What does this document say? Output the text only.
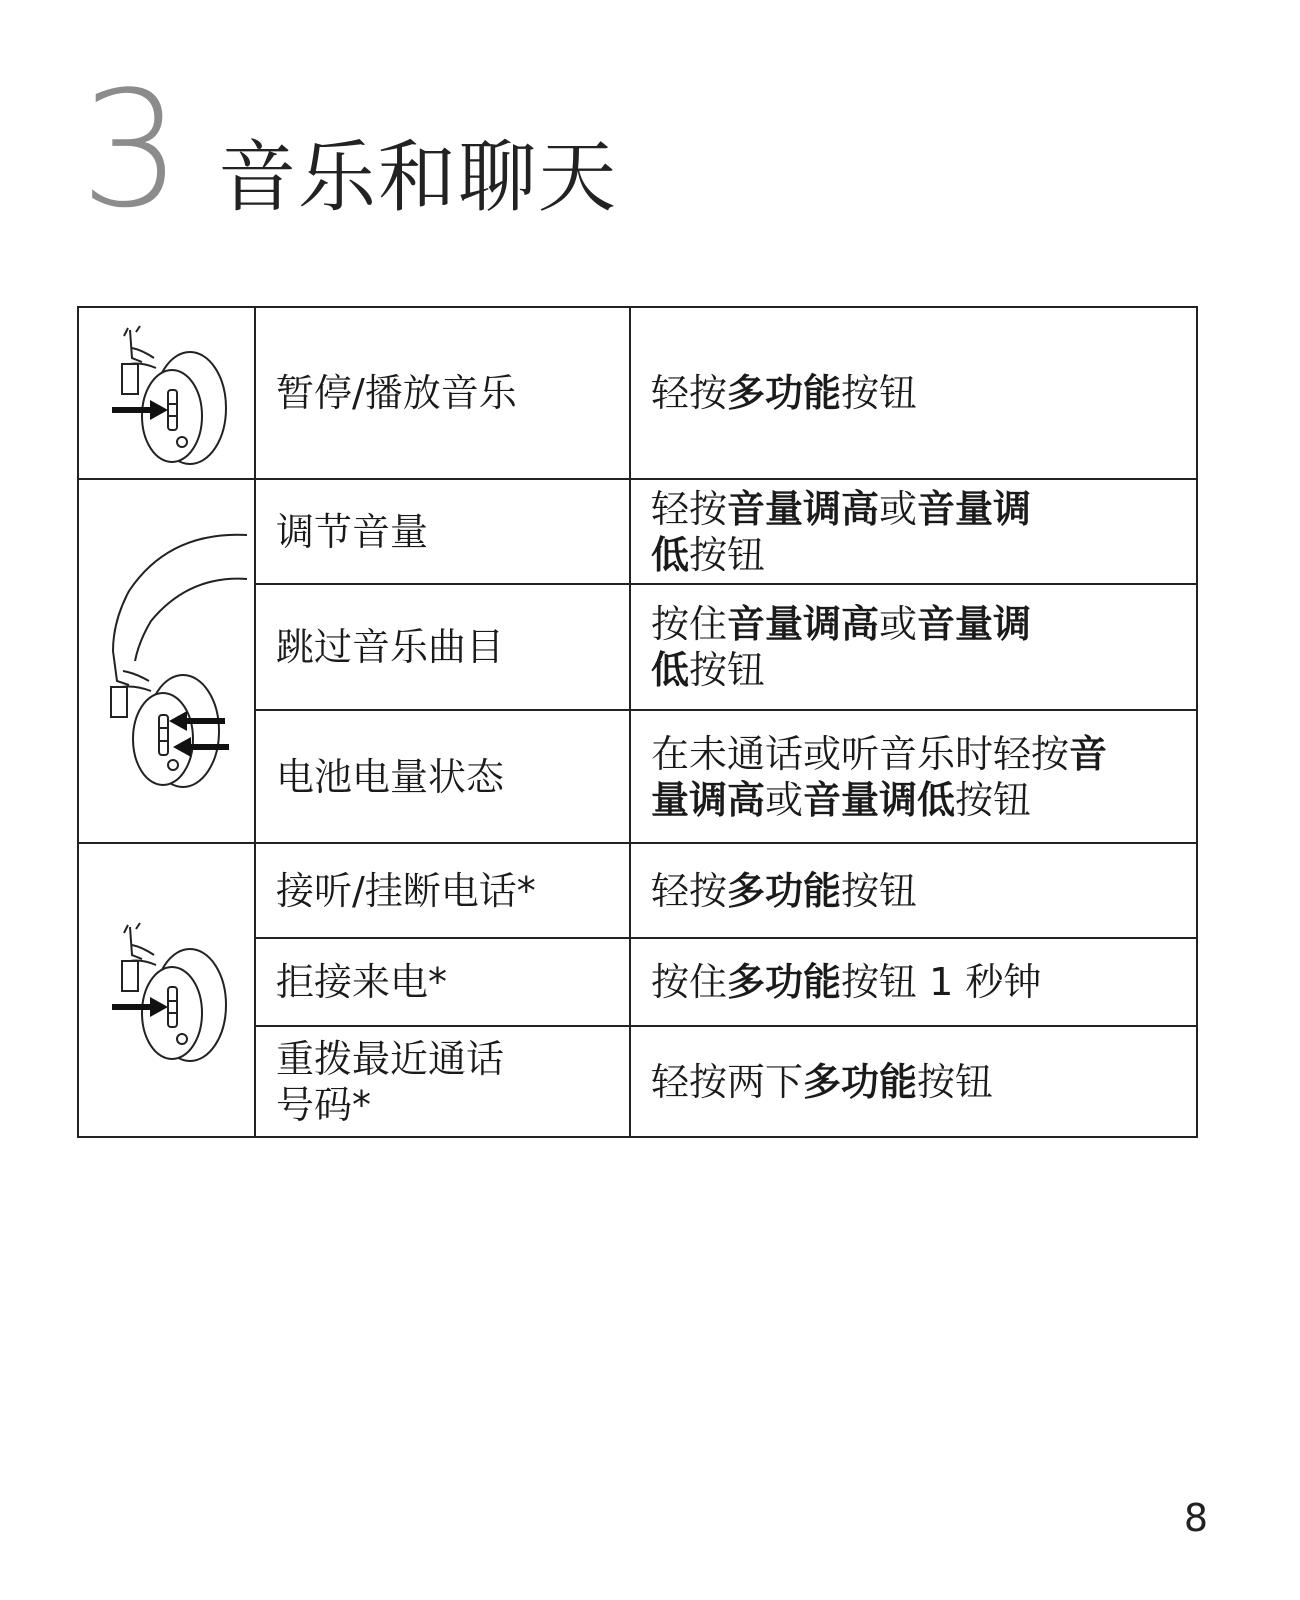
3 音乐和聊天
	暂停/播放音乐	轻按多功能按钮

	调节音量	轻按音量调高或音量调
低按钮
	跳过音乐曲目	按住音量调高或音量调
低按钮
	电池电量状态	在未通话或听音乐时轻按音
量调高或音量调低按钮

	接听/挂断电话*	轻按多功能按钮
	拒接来电*	按住多功能按钮 1 秒钟
	重拨最近通话
号码*	轻按两下多功能按钮
8
